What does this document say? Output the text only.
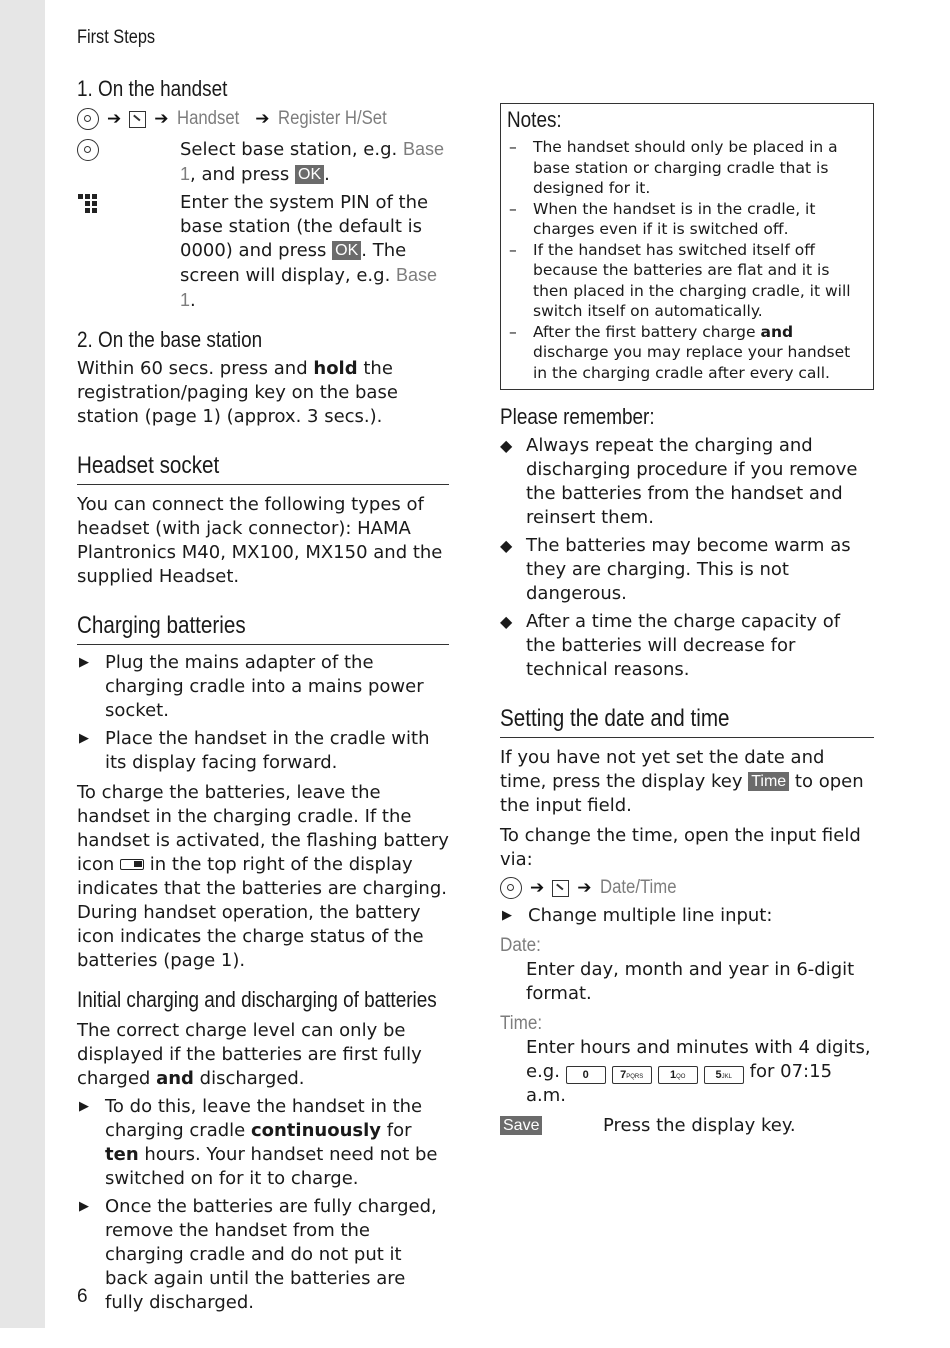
First Steps
1. On the handset
➔ ➔ Handset ➔ Register H/Set
Select base station, e.g. Base 1, and press OK .
Enter the system PIN of the base station (the default is 0000) and press OK . The screen will display, e.g. Base 1.
2. On the base station

Within 60 secs. press and hold the registration/paging key on the base station (page 1) (approx. 3 secs.).

Headset socket

You can connect the following types of headset (with jack connector): HAMA Plantronics M40, MX100, MX150 and the supplied Headset.

Charging batteries
▶ Plug the mains adapter of the charging cradle into a mains power socket.
▶ Place the handset in the cradle with its display facing forward.

To charge the batteries, leave the handset in the charging cradle. If the handset is activated, the flashing battery icon
in the top right of the display indicates that the batteries are charging. During handset operation, the battery icon indicates the charge status of the batteries (page 1).

Initial charging and discharging of batteries

The correct charge level can only be displayed if the batteries are first fully charged and discharged.

▶ To do this, leave the handset in the charging cradle continuously for ten hours. Your handset need not be switched on for it to charge.
▶ Once the batteries are fully charged, remove the handset from the charging cradle and do not put it back again until the batteries are fully discharged.
Notes:
–	The handset should only be placed in a base station or charging cradle that is designed for it.
–	When the handset is in the cradle, it charges even if it is switched off.
–	If the handset has switched itself off because the batteries are flat and it is then placed in the charging cradle, it will switch itself on automatically.
–	After the first battery charge and discharge you may replace your handset in the charging cradle after every call.
Please remember:
◆ Always repeat the charging and discharging procedure if you remove the batteries from the handset and reinsert them.
◆ The batteries may become warm as they are charging. This is not dangerous.
◆ After a time the charge capacity of the batteries will decrease for technical reasons.
Setting the date and time

If you have not yet set the date and time, press the display key Time to open the input field.

To change the time, open the input field via:

➔ ➔ Date/Time
▶ Change multiple line input:
Date:

Enter day, month and year in 6-digit format.

Time:

Enter hours and minutes with 4 digits, e.g. 0	7PQRS 1QO	5JKL for 07:15 a.m.

Save	Press the display key.
6
